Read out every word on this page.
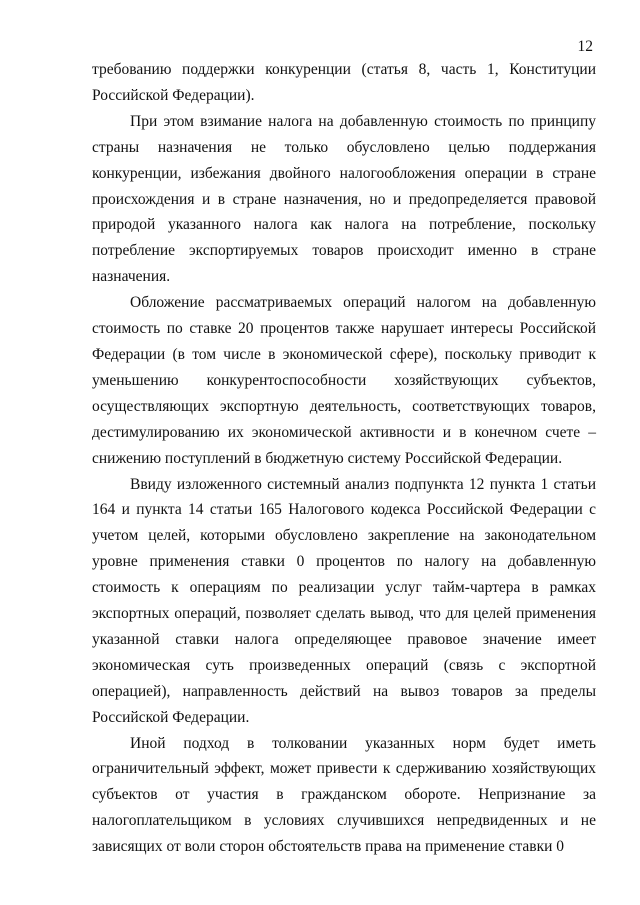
12

требованию поддержки конкуренции (статья 8, часть 1, Конституции Российской Федерации).

При этом взимание налога на добавленную стоимость по принципу страны назначения не только обусловлено целью поддержания конкуренции, избежания двойного налогообложения операции в стране происхождения и в стране назначения, но и предопределяется правовой природой указанного налога как налога на потребление, поскольку потребление экспортируемых товаров происходит именно в стране назначения.

Обложение рассматриваемых операций налогом на добавленную стоимость по ставке 20 процентов также нарушает интересы Российской Федерации (в том числе в экономической сфере), поскольку приводит к уменьшению конкурентоспособности хозяйствующих субъектов, осуществляющих экспортную деятельность, соответствующих товаров, дестимулированию их экономической активности и в конечном счете – снижению поступлений в бюджетную систему Российской Федерации.

Ввиду изложенного системный анализ подпункта 12 пункта 1 статьи 164 и пункта 14 статьи 165 Налогового кодекса Российской Федерации с учетом целей, которыми обусловлено закрепление на законодательном уровне применения ставки 0 процентов по налогу на добавленную стоимость к операциям по реализации услуг тайм-чартера в рамках экспортных операций, позволяет сделать вывод, что для целей применения указанной ставки налога определяющее правовое значение имеет экономическая суть произведенных операций (связь с экспортной операцией), направленность действий на вывоз товаров за пределы Российской Федерации.

Иной подход в толковании указанных норм будет иметь ограничительный эффект, может привести к сдерживанию хозяйствующих субъектов от участия в гражданском обороте. Непризнание за налогоплательщиком в условиях случившихся непредвиденных и не зависящих от воли сторон обстоятельств права на применение ставки 0
